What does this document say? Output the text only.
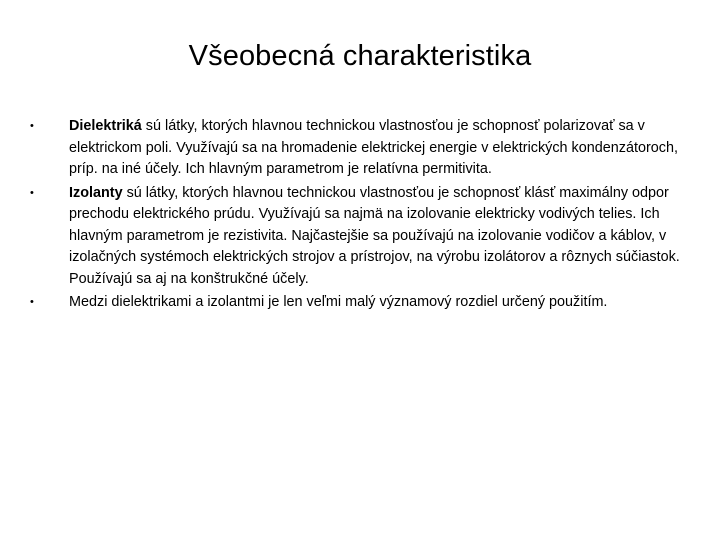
Všeobecná charakteristika
•	Dielektriká sú látky, ktorých hlavnou technickou vlastnosťou je schopnosť polarizovať sa v elektrickom poli. Využívajú sa na hromadenie elektrickej energie v elektrických kondenzátoroch, príp. na iné účely. Ich hlavným parametrom je relatívna permitivita.
•	Izolanty sú látky, ktorých hlavnou technickou vlastnosťou je schopnosť klásť maximálny odpor prechodu elektrického prúdu. Využívajú sa najmä na izolovanie elektricky vodivých telies. Ich hlavným parametrom je rezistivita. Najčastejšie sa používajú na izolovanie vodičov a káblov, v izolačných systémoch elektrických strojov a prístrojov, na výrobu izolátorov a rôznych súčiastok. Používajú sa aj na konštrukčné účely.
•	Medzi dielektrikami a izolantmi je len veľmi malý významový rozdiel určený použitím.
